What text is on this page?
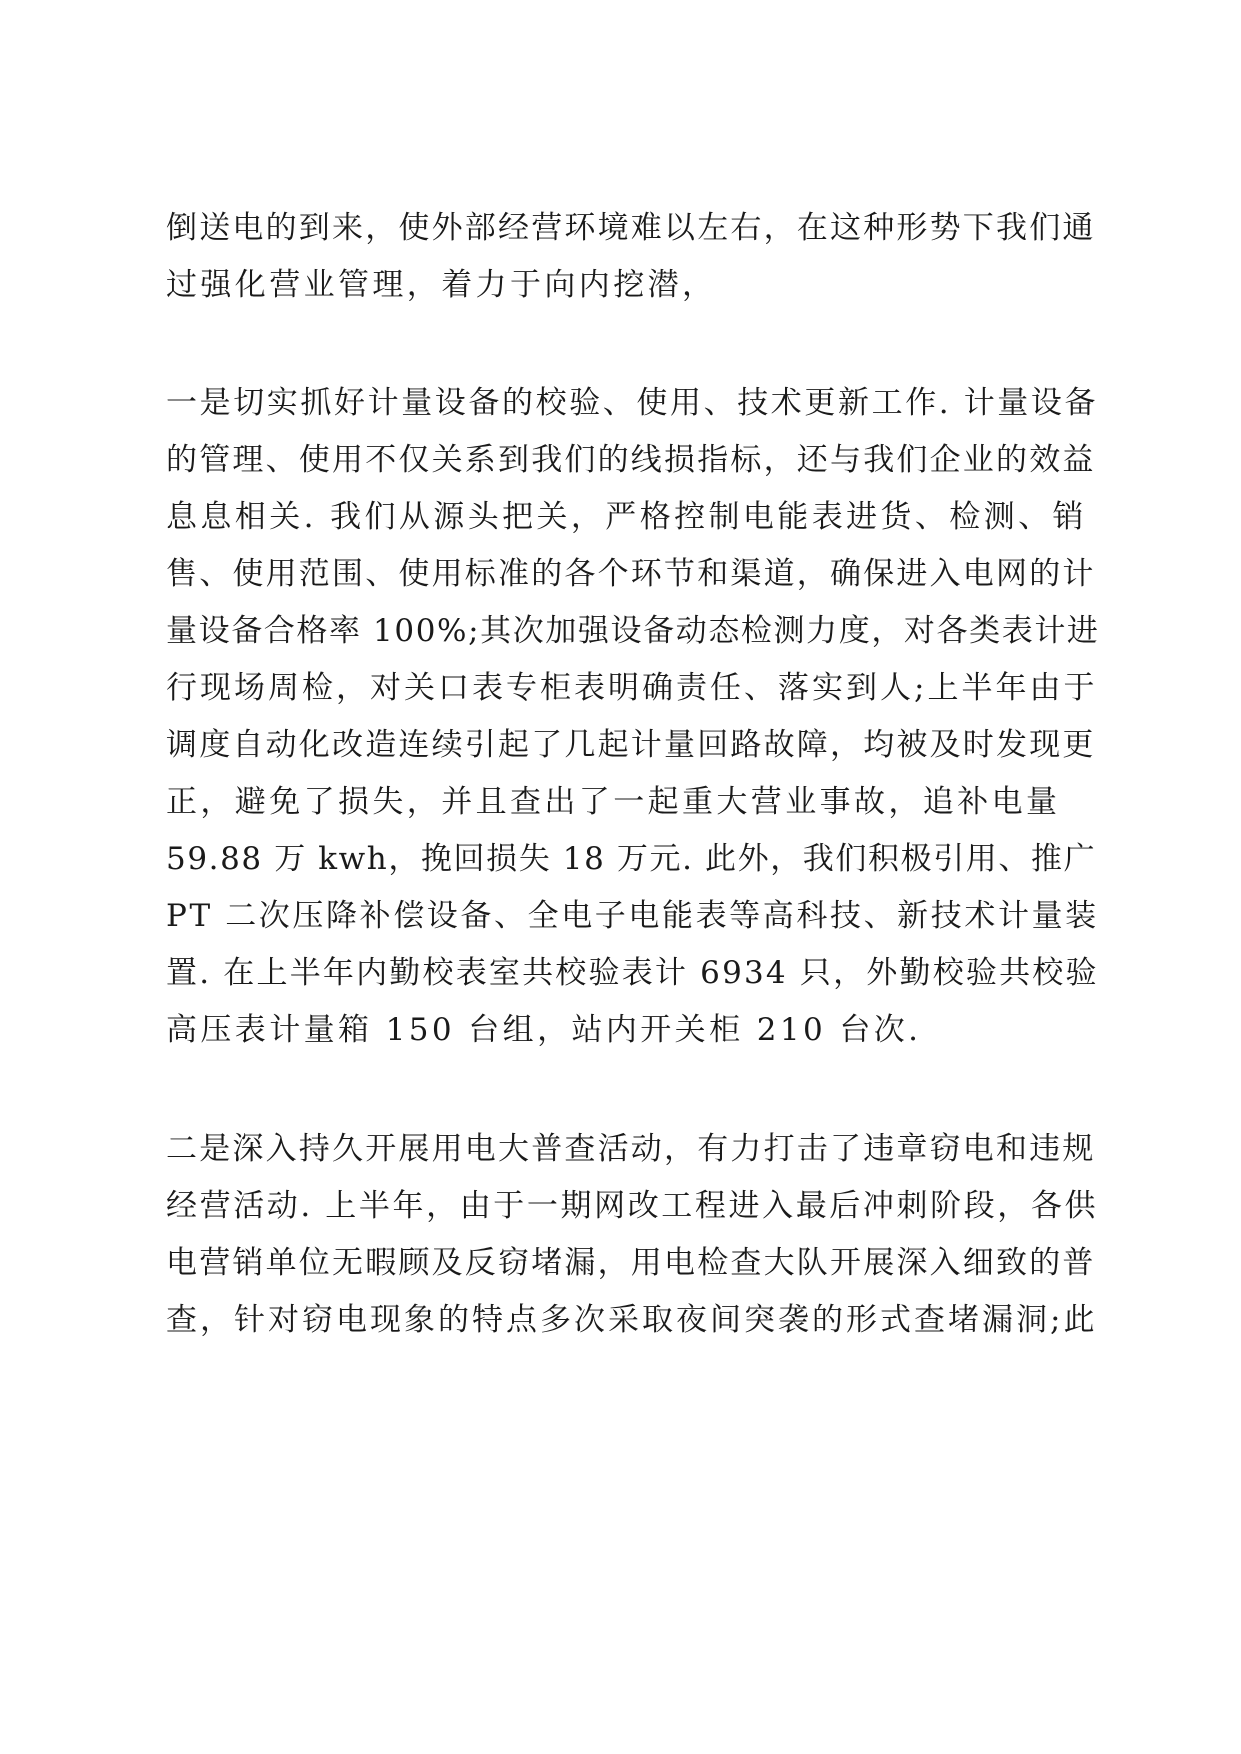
倒送电的到来，使外部经营环境难以左右，在这种形势下我们通
过强化营业管理，着力于向内挖潜，
一是切实抓好计量设备的校验、使用、技术更新工作. 计量设备
的管理、使用不仅关系到我们的线损指标，还与我们企业的效益
息息相关. 我们从源头把关，严格控制电能表进货、检测、销
售、使用范围、使用标准的各个环节和渠道，确保进入电网的计
量设备合格率 100%;其次加强设备动态检测力度，对各类表计进
行现场周检，对关口表专柜表明确责任、落实到人;上半年由于
调度自动化改造连续引起了几起计量回路故障，均被及时发现更
正，避免了损失，并且查出了一起重大营业事故，追补电量
59.88 万 kwh，挽回损失 18 万元. 此外，我们积极引用、推广
PT 二次压降补偿设备、全电子电能表等高科技、新技术计量装
置. 在上半年内勤校表室共校验表计 6934 只，外勤校验共校验
高压表计量箱 150 台组，站内开关柜 210 台次.
二是深入持久开展用电大普查活动，有力打击了违章窃电和违规
经营活动. 上半年，由于一期网改工程进入最后冲刺阶段，各供
电营销单位无暇顾及反窃堵漏，用电检查大队开展深入细致的普
查，针对窃电现象的特点多次采取夜间突袭的形式查堵漏洞;此
